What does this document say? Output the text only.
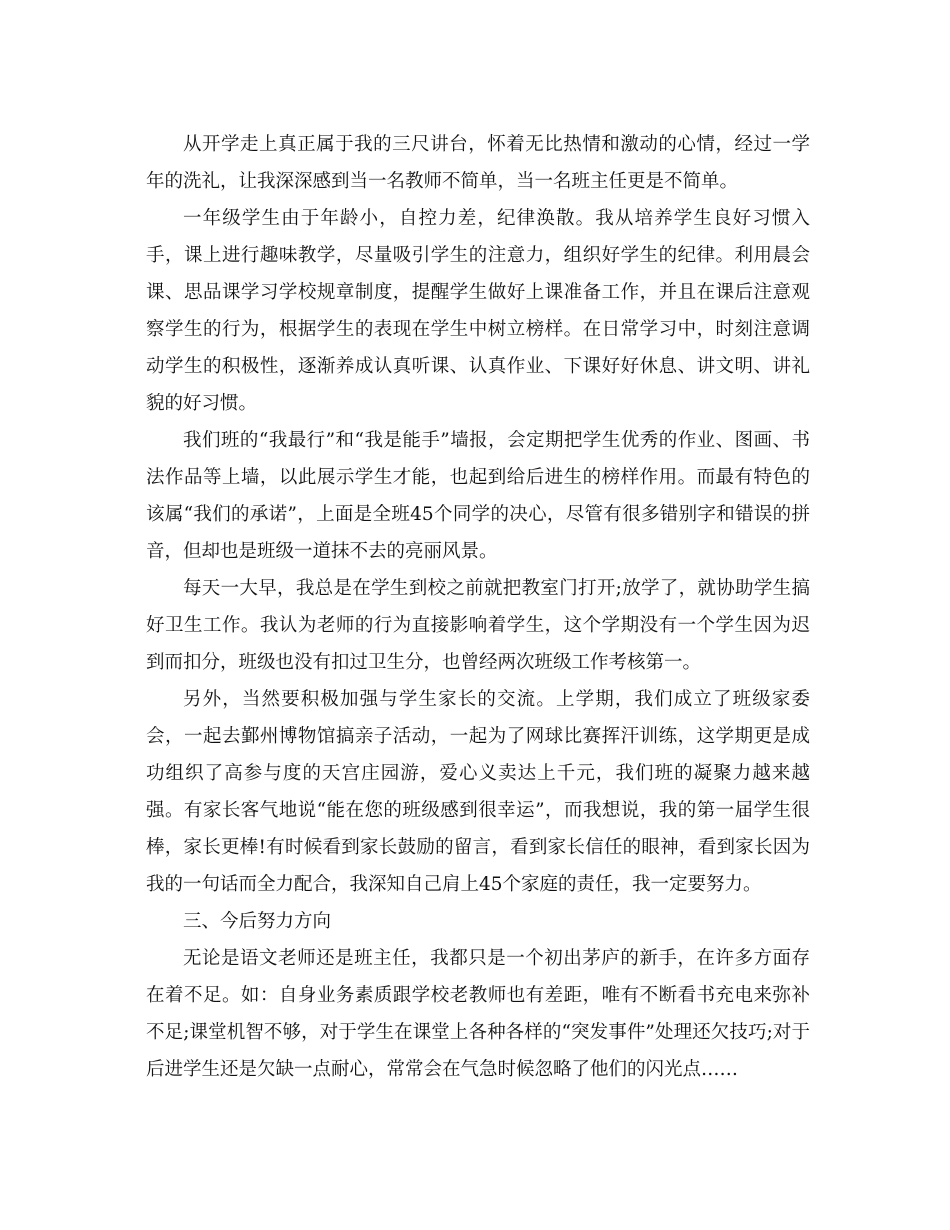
从开学走上真正属于我的三尺讲台，怀着无比热情和激动的心情，经过一学年的洗礼，让我深深感到当一名教师不简单，当一名班主任更是不简单。

一年级学生由于年龄小，自控力差，纪律涣散。我从培养学生良好习惯入手，课上进行趣味教学，尽量吸引学生的注意力，组织好学生的纪律。利用晨会课、思品课学习学校规章制度，提醒学生做好上课准备工作，并且在课后注意观察学生的行为，根据学生的表现在学生中树立榜样。在日常学习中，时刻注意调动学生的积极性，逐渐养成认真听课、认真作业、下课好好休息、讲文明、讲礼貌的好习惯。

我们班的“我最行”和“我是能手”墙报，会定期把学生优秀的作业、图画、书法作品等上墙，以此展示学生才能，也起到给后进生的榜样作用。而最有特色的该属“我们的承诺”，上面是全班45个同学的决心，尽管有很多错别字和错误的拼音，但却也是班级一道抹不去的亮丽风景。

每天一大早，我总是在学生到校之前就把教室门打开;放学了，就协助学生搞好卫生工作。我认为老师的行为直接影响着学生，这个学期没有一个学生因为迟到而扣分，班级也没有扣过卫生分，也曾经两次班级工作考核第一。

另外，当然要积极加强与学生家长的交流。上学期，我们成立了班级家委会，一起去鄞州博物馆搞亲子活动，一起为了网球比赛挥汗训练，这学期更是成功组织了高参与度的天宫庄园游，爱心义卖达上千元，我们班的凝聚力越来越强。有家长客气地说“能在您的班级感到很幸运”，而我想说，我的第一届学生很棒，家长更棒!有时候看到家长鼓励的留言，看到家长信任的眼神，看到家长因为我的一句话而全力配合，我深知自己肩上45个家庭的责任，我一定要努力。

三、今后努力方向

无论是语文老师还是班主任，我都只是一个初出茅庐的新手，在许多方面存在着不足。如：自身业务素质跟学校老教师也有差距，唯有不断看书充电来弥补不足;课堂机智不够，对于学生在课堂上各种各样的“突发事件”处理还欠技巧;对于后进学生还是欠缺一点耐心，常常会在气急时候忽略了他们的闪光点……
